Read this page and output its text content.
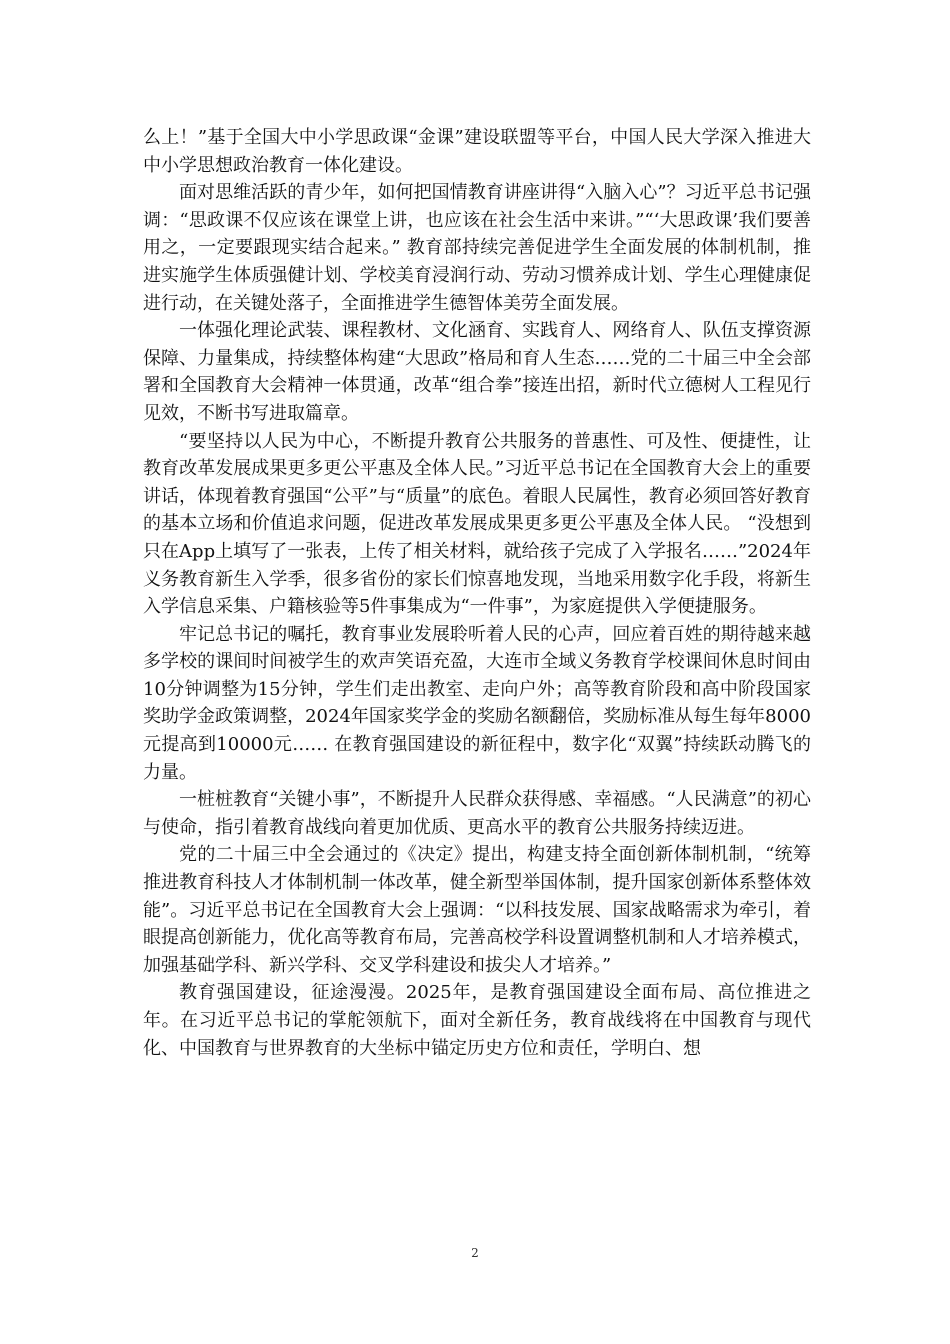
么上！”基于全国大中小学思政课“金课”建设联盟等平台，中国人民大学深入推进大中小学思想政治教育一体化建设。

面对思维活跃的青少年，如何把国情教育讲座讲得“入脑入心”？习近平总书记强调：“思政课不仅应该在课堂上讲，也应该在社会生活中来讲。”“‘大思政课’我们要善用之，一定要跟现实结合起来。” 教育部持续完善促进学生全面发展的体制机制，推进实施学生体质强健计划、学校美育浸润行动、劳动习惯养成计划、学生心理健康促进行动，在关键处落子，全面推进学生德智体美劳全面发展。

一体强化理论武装、课程教材、文化涵育、实践育人、网络育人、队伍支撑资源保障、力量集成，持续整体构建“大思政”格局和育人生态……党的二十届三中全会部署和全国教育大会精神一体贯通，改革“组合拳”接连出招，新时代立德树人工程见行见效，不断书写进取篇章。

“要坚持以人民为中心，不断提升教育公共服务的普惠性、可及性、便捷性，让教育改革发展成果更多更公平惠及全体人民。”习近平总书记在全国教育大会上的重要讲话，体现着教育强国“公平”与“质量”的底色。着眼人民属性，教育必须回答好教育的基本立场和价值追求问题，促进改革发展成果更多更公平惠及全体人民。 “没想到只在App上填写了一张表，上传了相关材料，就给孩子完成了入学报名……”2024年义务教育新生入学季，很多省份的家长们惊喜地发现，当地采用数字化手段，将新生入学信息采集、户籍核验等5件事集成为“一件事”，为家庭提供入学便捷服务。

牢记总书记的嘱托，教育事业发展聆听着人民的心声，回应着百姓的期待越来越多学校的课间时间被学生的欢声笑语充盈，大连市全域义务教育学校课间休息时间由10分钟调整为15分钟，学生们走出教室、走向户外；高等教育阶段和高中阶段国家奖助学金政策调整，2024年国家奖学金的奖励名额翻倍，奖励标准从每生每年8000元提高到10000元…… 在教育强国建设的新征程中，数字化“双翼”持续跃动腾飞的力量。

一桩桩教育“关键小事”，不断提升人民群众获得感、幸福感。“人民满意”的初心与使命，指引着教育战线向着更加优质、更高水平的教育公共服务持续迈进。

党的二十届三中全会通过的《决定》提出，构建支持全面创新体制机制，“统筹推进教育科技人才体制机制一体改革，健全新型举国体制，提升国家创新体系整体效能”。习近平总书记在全国教育大会上强调：“以科技发展、国家战略需求为牵引，着眼提高创新能力，优化高等教育布局，完善高校学科设置调整机制和人才培养模式，加强基础学科、新兴学科、交叉学科建设和拔尖人才培养。”

教育强国建设，征途漫漫。2025年，是教育强国建设全面布局、高位推进之年。在习近平总书记的掌舵领航下，面对全新任务，教育战线将在中国教育与现代化、中国教育与世界教育的大坐标中锚定历史方位和责任，学明白、想

2
